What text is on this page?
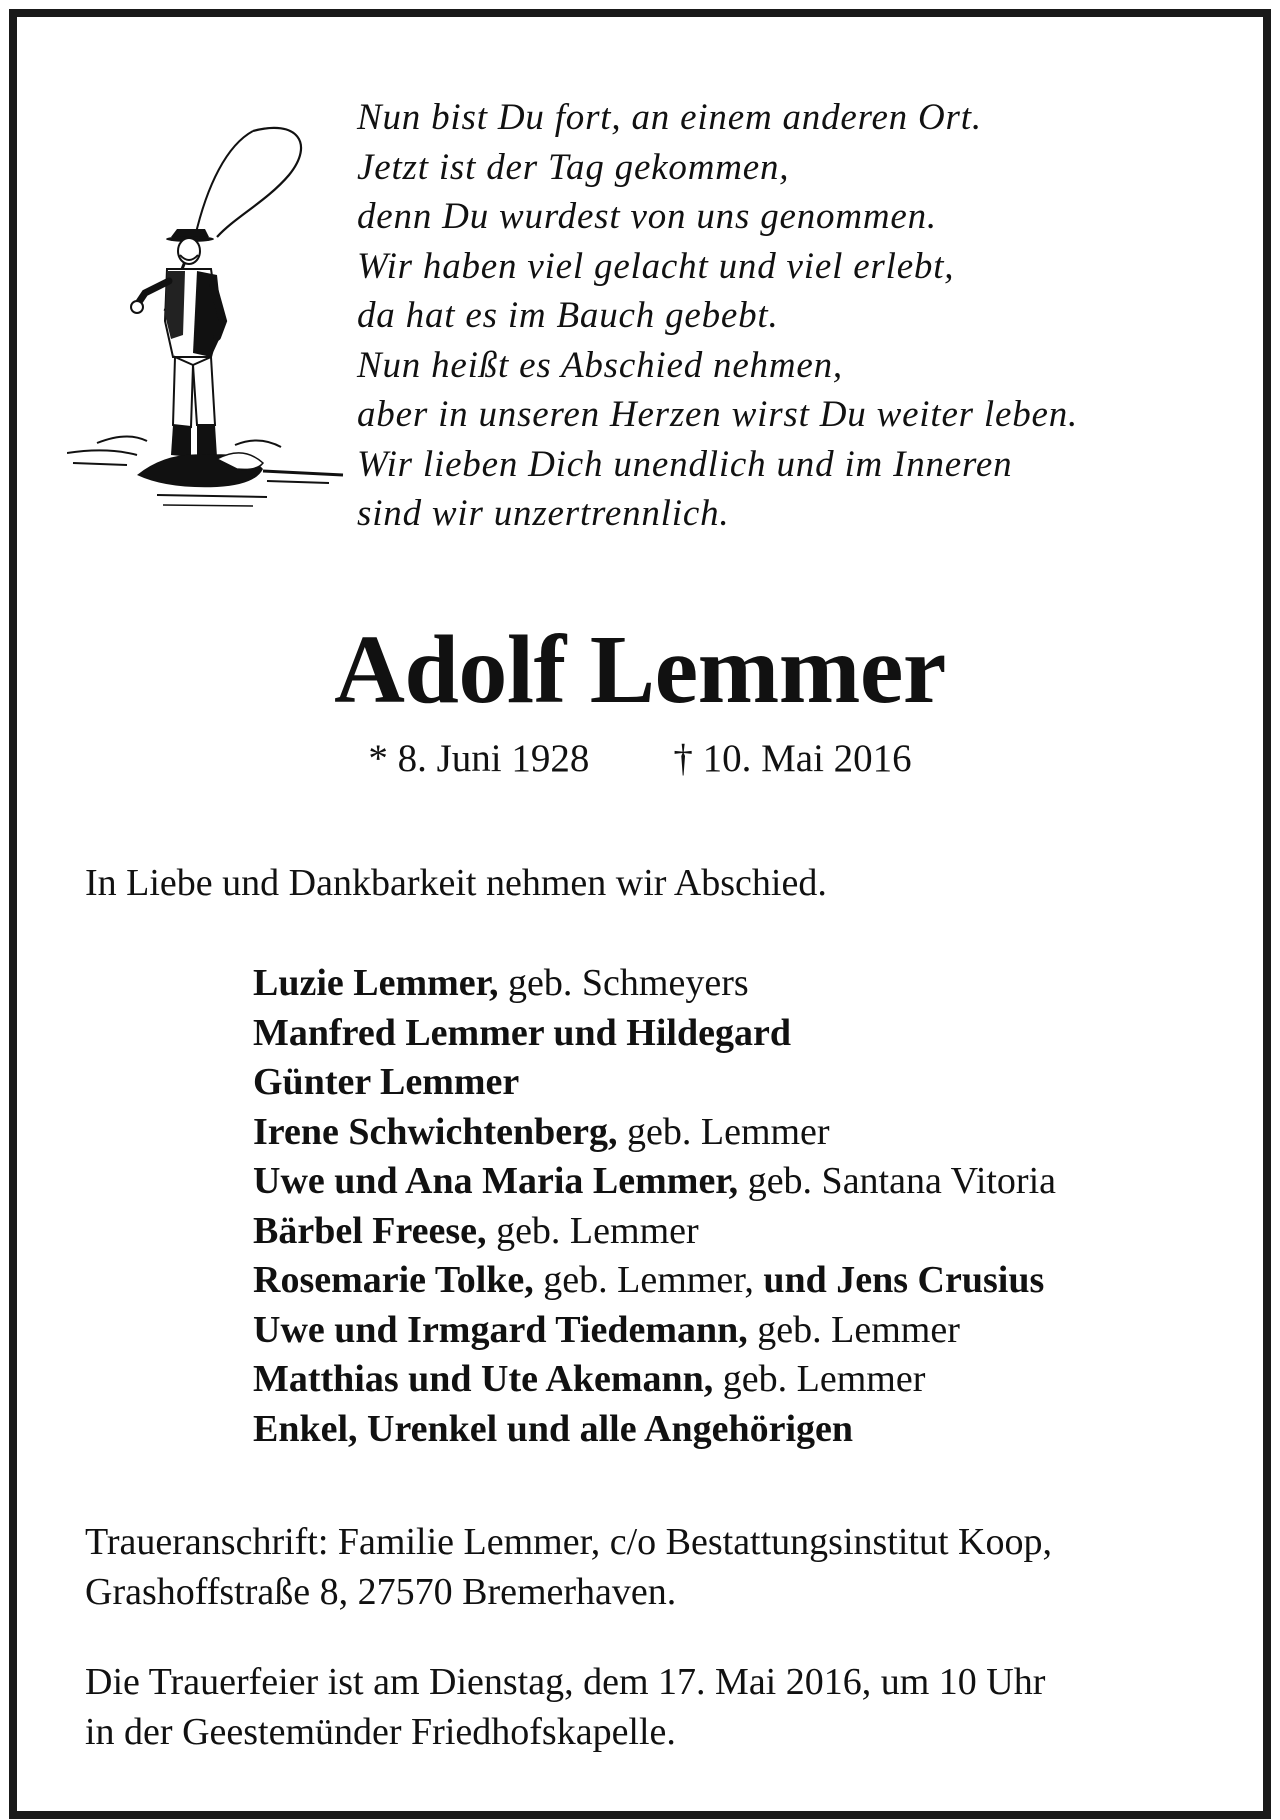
Nun bist Du fort, an einem anderen Ort.
Jetzt ist der Tag gekommen,
denn Du wurdest von uns genommen.
Wir haben viel gelacht und viel erlebt,
da hat es im Bauch gebebt.
Nun heißt es Abschied nehmen,
aber in unseren Herzen wirst Du weiter leben.
Wir lieben Dich unendlich und im Inneren
sind wir unzertrennlich.
Adolf Lemmer
* 8. Juni 1928 † 10. Mai 2016
In Liebe und Dankbarkeit nehmen wir Abschied.
Luzie Lemmer, geb. Schmeyers
Manfred Lemmer und Hildegard
Günter Lemmer
Irene Schwichtenberg, geb. Lemmer
Uwe und Ana Maria Lemmer, geb. Santana Vitoria
Bärbel Freese, geb. Lemmer
Rosemarie Tolke, geb. Lemmer, und Jens Crusius
Uwe und Irmgard Tiedemann, geb. Lemmer
Matthias und Ute Akemann, geb. Lemmer
Enkel, Urenkel und alle Angehörigen
Traueranschrift: Familie Lemmer, c/o Bestattungsinstitut Koop,
Grashoffstraße 8, 27570 Bremerhaven.
Die Trauerfeier ist am Dienstag, dem 17. Mai 2016, um 10 Uhr
in der Geestemünder Friedhofskapelle.
